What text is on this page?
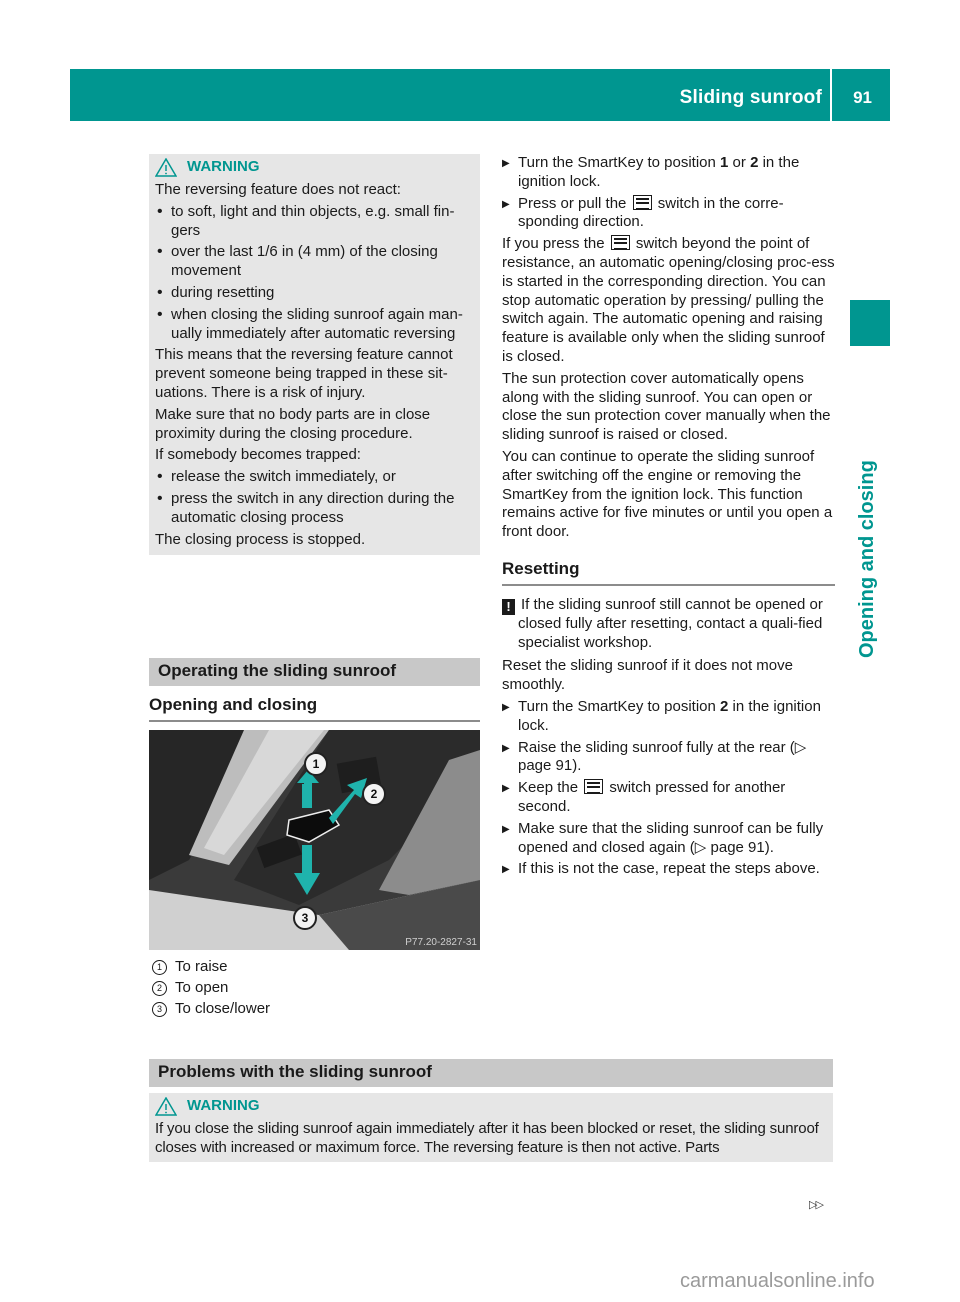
Sliding sunroof 91
Opening and closing
WARNING

The reversing feature does not react:

• to soft, light and thin objects, e.g. small fin-gers
• over the last 1/6 in (4 mm) of the closing movement
• during resetting
• when closing the sliding sunroof again man-ually immediately after automatic reversing

This means that the reversing feature cannot prevent someone being trapped in these sit-uations. There is a risk of injury.

Make sure that no body parts are in close proximity during the closing procedure.

If somebody becomes trapped:

• release the switch immediately, or
• press the switch in any direction during the automatic closing process

The closing process is stopped.

Operating the sliding sunroof
Opening and closing
1
2
3
P77.20-2827-31
1 To raise
2 To open
3 To close/lower
▶ Turn the SmartKey to position 1 or 2 in the ignition lock.
▶ Press or pull the  switch in the corre-sponding direction.

If you press the  switch beyond the point of resistance, an automatic opening/closing proc-ess is started in the corresponding direction. You can stop automatic operation by pressing/ pulling the switch again. The automatic opening and raising feature is available only when the sliding sunroof is closed.

The sun protection cover automatically opens along with the sliding sunroof. You can open or close the sun protection cover manually when the sliding sunroof is raised or closed.

You can continue to operate the sliding sunroof after switching off the engine or removing the SmartKey from the ignition lock. This function remains active for five minutes or until you open a front door.

Resetting

! If the sliding sunroof still cannot be opened or closed fully after resetting, contact a quali-fied specialist workshop.

Reset the sliding sunroof if it does not move smoothly.

▶ Turn the SmartKey to position 2 in the ignition lock.
▶ Raise the sliding sunroof fully at the rear (▷ page 91).
▶ Keep the  switch pressed for another second.
▶ Make sure that the sliding sunroof can be fully opened and closed again (▷ page 91).
▶ If this is not the case, repeat the steps above.
Problems with the sliding sunroof
WARNING

If you close the sliding sunroof again immediately after it has been blocked or reset, the sliding sunroof closes with increased or maximum force. The reversing feature is then not active. Parts

▷▷
carmanualsonline.info
